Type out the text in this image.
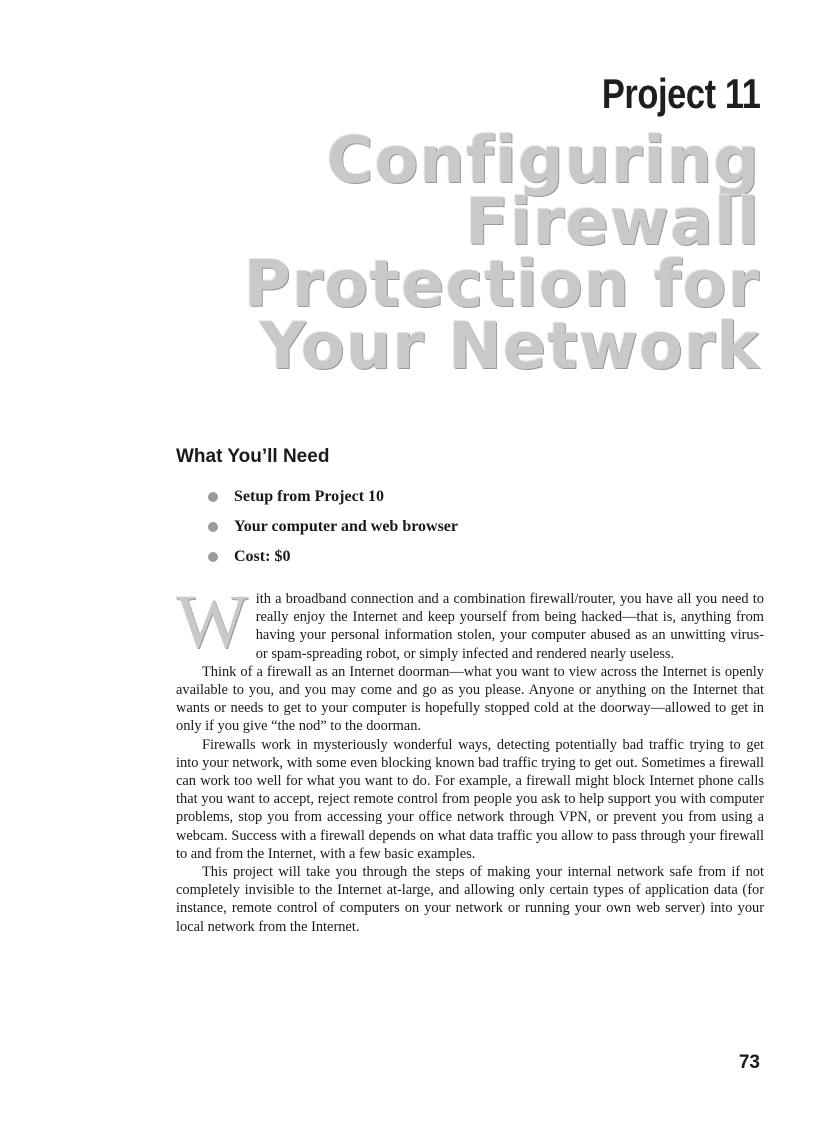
Project 11
Configuring
Firewall
Protection for
Your Network
What You’ll Need
Setup from Project 10
Your computer and web browser
Cost: $0

With a broadband connection and a combination firewall/router, you have all you need to really enjoy the Internet and keep yourself from being hacked—that is, anything from having your personal information stolen, your computer abused as an unwitting virus- or spam-spreading robot, or simply infected and rendered nearly useless.

Think of a firewall as an Internet doorman—what you want to view across the Internet is openly available to you, and you may come and go as you please. Anyone or anything on the Internet that wants or needs to get to your computer is hopefully stopped cold at the doorway—allowed to get in only if you give “the nod” to the doorman.

Firewalls work in mysteriously wonderful ways, detecting potentially bad traffic trying to get into your network, with some even blocking known bad traffic trying to get out. Sometimes a firewall can work too well for what you want to do. For example, a firewall might block Internet phone calls that you want to accept, reject remote control from people you ask to help support you with computer problems, stop you from accessing your office network through VPN, or prevent you from using a webcam. Success with a firewall depends on what data traffic you allow to pass through your firewall to and from the Internet, with a few basic examples.

This project will take you through the steps of making your internal network safe from if not completely invisible to the Internet at-large, and allowing only certain types of application data (for instance, remote control of computers on your network or running your own web server) into your local network from the Internet.

73
